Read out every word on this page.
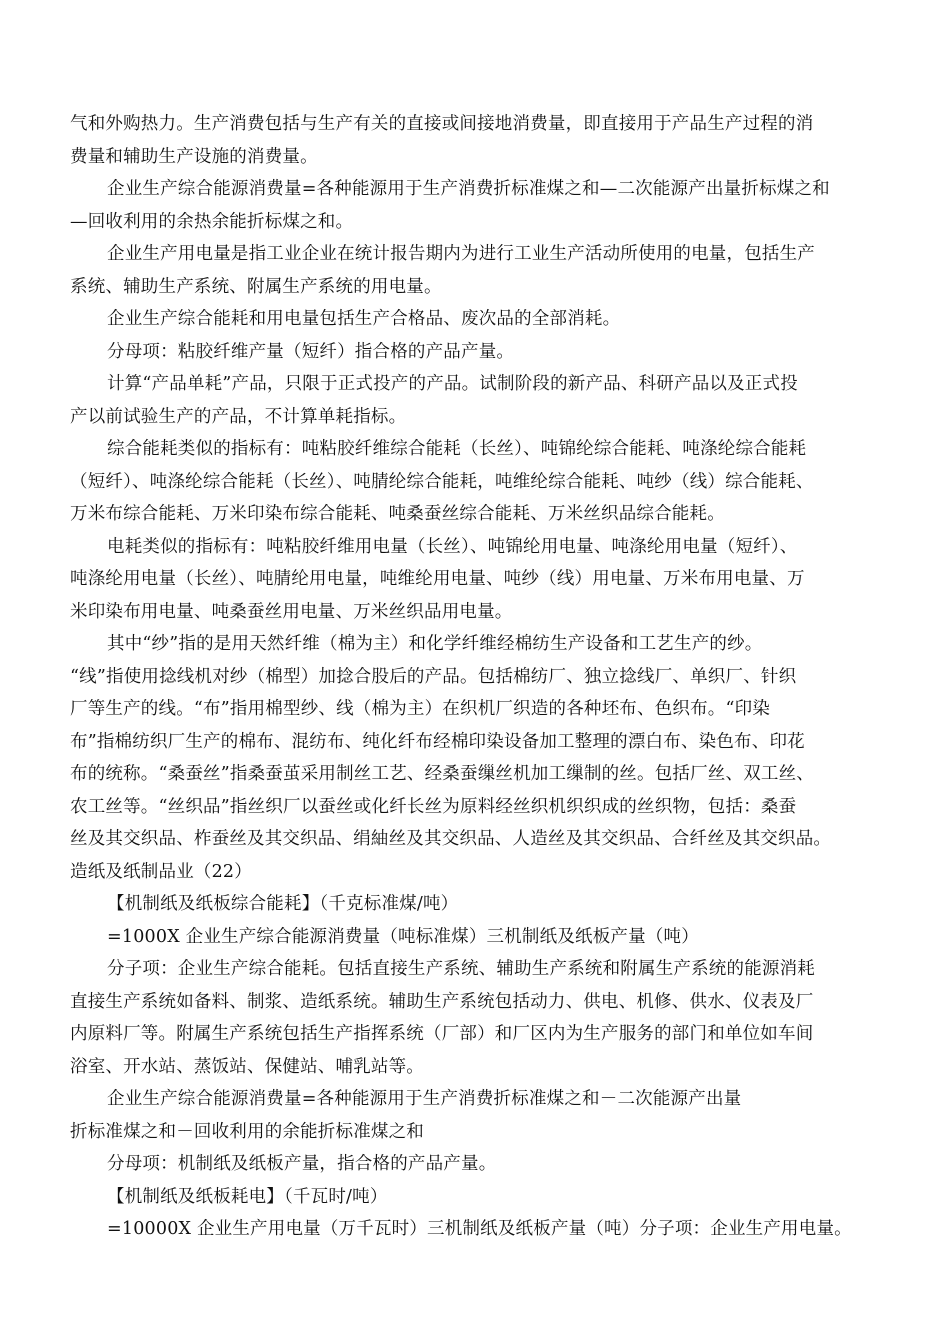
气和外购热力。生产消费包括与生产有关的直接或间接地消费量，即直接用于产品生产过程的消

费量和辅助生产设施的消费量。

企业生产综合能源消费量=各种能源用于生产消费折标准煤之和—二次能源产出量折标煤之和

—回收利用的余热余能折标煤之和。

企业生产用电量是指工业企业在统计报告期内为进行工业生产活动所使用的电量，包括生产

系统、辅助生产系统、附属生产系统的用电量。

企业生产综合能耗和用电量包括生产合格品、废次品的全部消耗。

分母项：粘胶纤维产量（短纤）指合格的产品产量。

计算“产品单耗”产品，只限于正式投产的产品。试制阶段的新产品、科研产品以及正式投

产以前试验生产的产品，不计算单耗指标。

综合能耗类似的指标有：吨粘胶纤维综合能耗（长丝）、吨锦纶综合能耗、吨涤纶综合能耗

（短纤）、吨涤纶综合能耗（长丝）、吨腈纶综合能耗，吨维纶综合能耗、吨纱（线）综合能耗、

万米布综合能耗、万米印染布综合能耗、吨桑蚕丝综合能耗、万米丝织品综合能耗。

电耗类似的指标有：吨粘胶纤维用电量（长丝）、吨锦纶用电量、吨涤纶用电量（短纤）、

吨涤纶用电量（长丝）、吨腈纶用电量，吨维纶用电量、吨纱（线）用电量、万米布用电量、万

米印染布用电量、吨桑蚕丝用电量、万米丝织品用电量。

其中“纱”指的是用天然纤维（棉为主）和化学纤维经棉纺生产设备和工艺生产的纱。

“线”指使用捻线机对纱（棉型）加捻合股后的产品。包括棉纺厂、独立捻线厂、单织厂、针织

厂等生产的线。“布”指用棉型纱、线（棉为主）在织机厂织造的各种坯布、色织布。“印染

布”指棉纺织厂生产的棉布、混纺布、纯化纤布经棉印染设备加工整理的漂白布、染色布、印花

布的统称。“桑蚕丝”指桑蚕茧采用制丝工艺、经桑蚕缫丝机加工缫制的丝。包括厂丝、双工丝、

农工丝等。“丝织品”指丝织厂以蚕丝或化纤长丝为原料经丝织机织织成的丝织物，包括：桑蚕

丝及其交织品、柞蚕丝及其交织品、绢紬丝及其交织品、人造丝及其交织品、合纤丝及其交织品。

造纸及纸制品业（22）

【机制纸及纸板综合能耗】（千克标准煤/吨）

=1000X 企业生产综合能源消费量（吨标准煤）三机制纸及纸板产量（吨）

分子项：企业生产综合能耗。包括直接生产系统、辅助生产系统和附属生产系统的能源消耗

直接生产系统如备料、制浆、造纸系统。辅助生产系统包括动力、供电、机修、供水、仪表及厂

内原料厂等。附属生产系统包括生产指挥系统（厂部）和厂区内为生产服务的部门和单位如车间

浴室、开水站、蒸饭站、保健站、哺乳站等。

企业生产综合能源消费量=各种能源用于生产消费折标准煤之和－二次能源产出量

折标准煤之和－回收利用的余能折标准煤之和

分母项：机制纸及纸板产量，指合格的产品产量。

【机制纸及纸板耗电】（千瓦时/吨）

=10000X 企业生产用电量（万千瓦时）三机制纸及纸板产量（吨）分子项：企业生产用电量。
